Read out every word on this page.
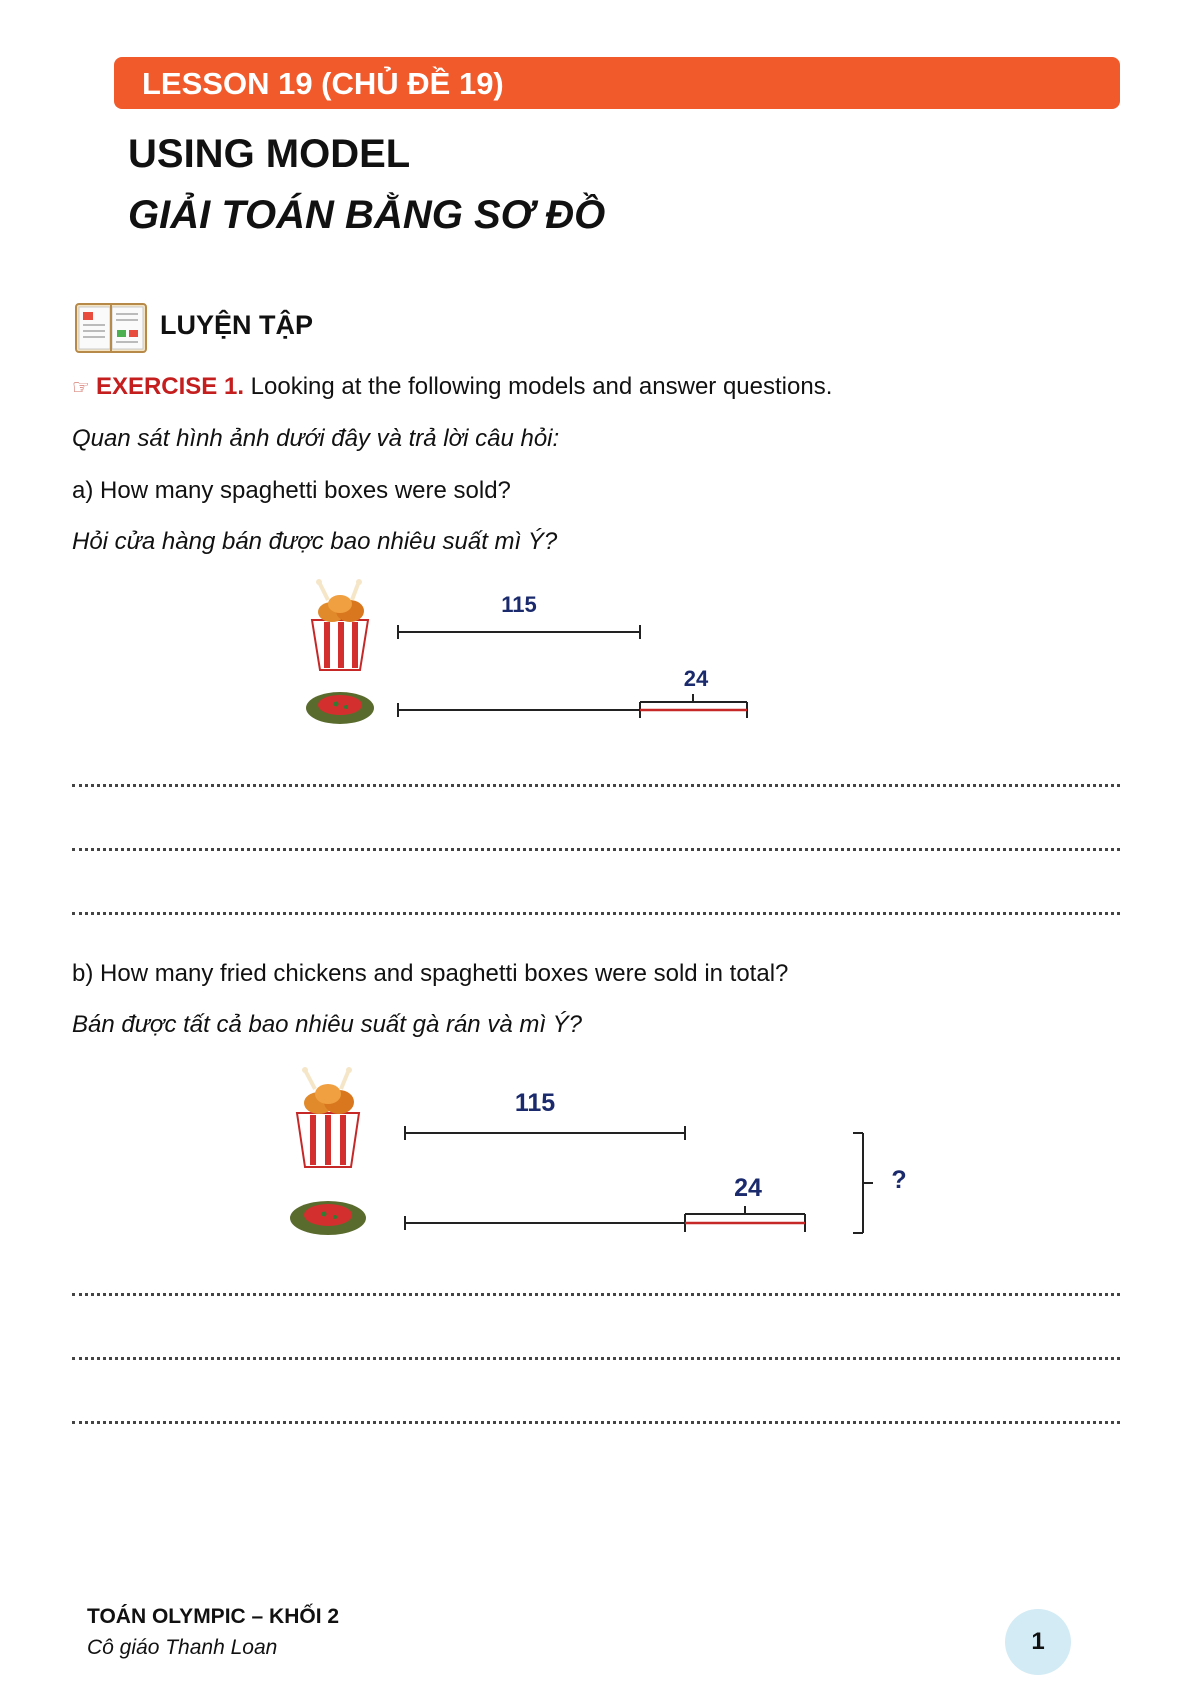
LESSON 19 (CHỦ ĐỀ 19)
USING MODEL
GIẢI TOÁN BẰNG SƠ ĐỒ
LUYỆN TẬP
☞ EXERCISE 1. Looking at the following models and answer questions.
Quan sát hình ảnh dưới đây và trả lời câu hỏi:
a) How many spaghetti boxes were sold?
Hỏi cửa hàng bán được bao nhiêu suất mì Ý?
115
24
b) How many fried chickens and spaghetti boxes were sold in total?
Bán được tất cả bao nhiêu suất gà rán và mì Ý?
115
24	?
TOÁN OLYMPIC – KHỐI 2
Cô giáo Thanh Loan	1
